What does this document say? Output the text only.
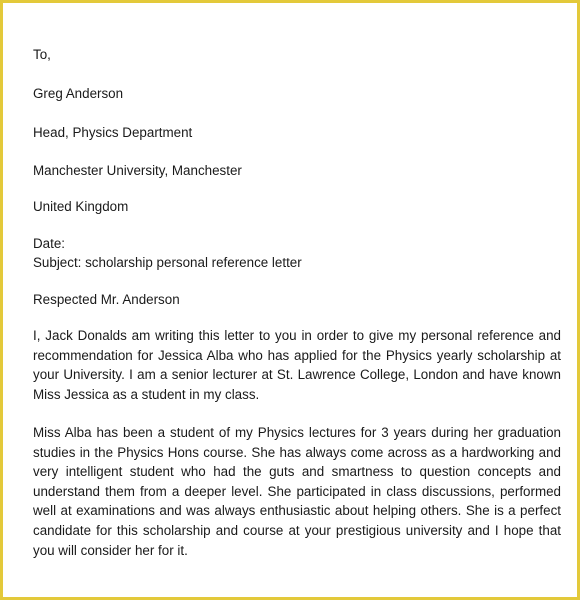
To,
Greg Anderson
Head, Physics Department
Manchester University, Manchester
United Kingdom
Date:
Subject: scholarship personal reference letter
Respected Mr. Anderson
I, Jack Donalds am writing this letter to you in order to give my personal reference and recommendation for Jessica Alba who has applied for the Physics yearly scholarship at your University. I am a senior lecturer at St. Lawrence College, London and have known Miss Jessica as a student in my class.
Miss Alba has been a student of my Physics lectures for 3 years during her graduation studies in the Physics Hons course. She has always come across as a hardworking and very intelligent student who had the guts and smartness to question concepts and understand them from a deeper level. She participated in class discussions, performed well at examinations and was always enthusiastic about helping others. She is a perfect candidate for this scholarship and course at your prestigious university and I hope that you will consider her for it.
